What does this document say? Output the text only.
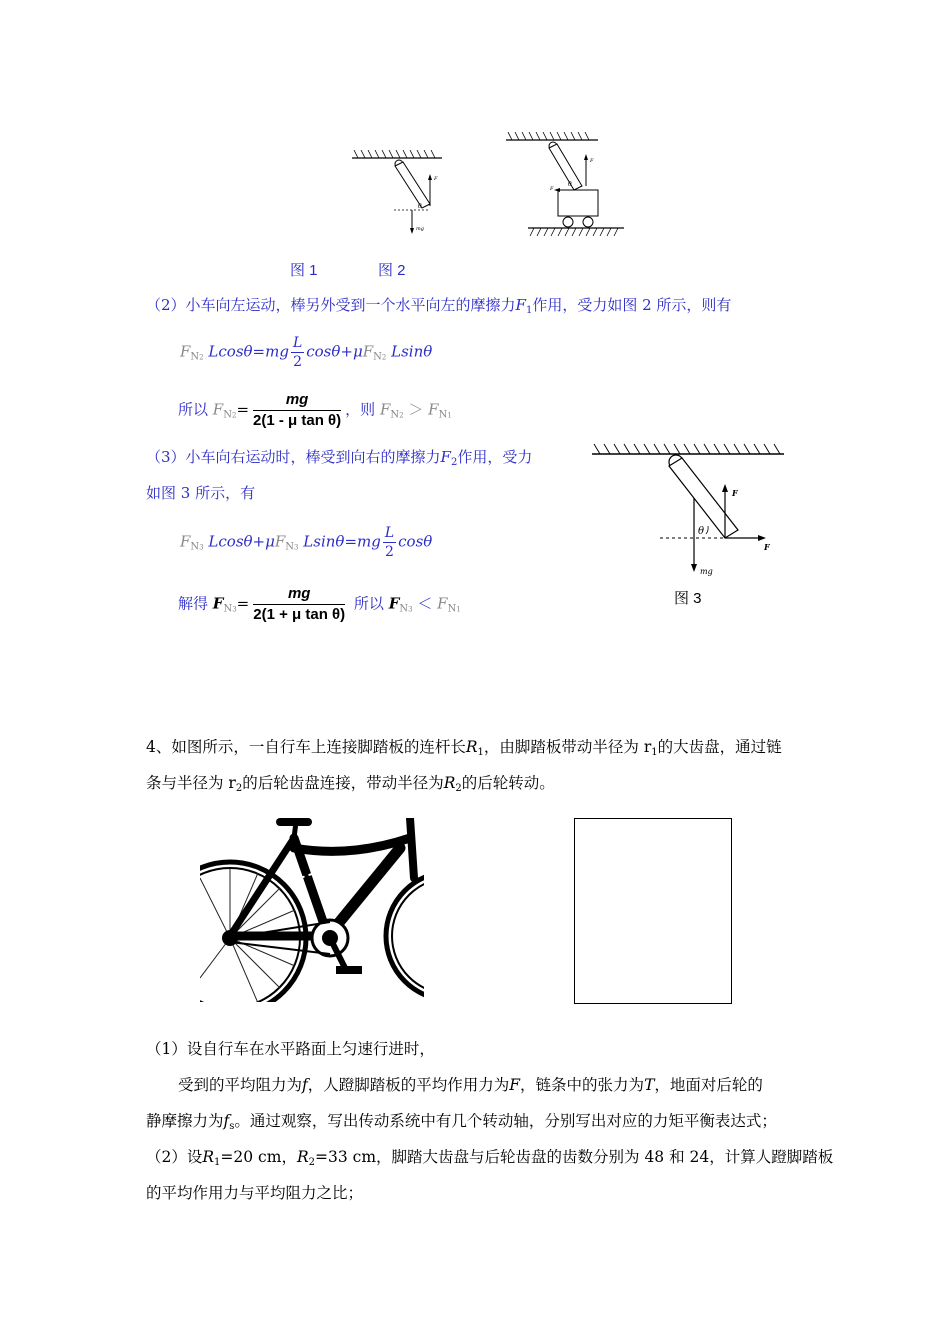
F
mg
θ
F
F
θ
图 1	图 2
（2）小车向左运动，棒另外受到一个水平向左的摩擦力$F_1$作用，受力如图 2 所示，则有
$F_{N2}$ $Lcos\theta=mg \frac{L}{2} \cos\theta+\mu F_{N2}$ Lsinθ
所以 $F_{N2}= \frac{mg}{\text{2(1 - μ tan θ)}}$ ，则 $F_{N2} > F_{N1}$
（3）小车向右运动时，棒受到向右的摩擦力$F_2$作用，受力
如图 3 所示，有
$F_{N3}$ $Lcos\theta+\mu F_{N3}$ $Lsin\theta=mg \frac{L}{2}$ cosθ
解得 $F_{N3}= \frac{mg}{\text{2(1 + μ tan θ)}}$ 所以 $F_{N3} < F_{N1}$
F
F
mg
θ
图 3
4、如图所示，一自行车上连接脚踏板的连杆长$R_1$，由脚踏板带动半径为 $r_1$的大齿盘，通过链
条与半径为 $r_2$的后轮齿盘连接，带动半径为$R_2$的后轮转动。
（1）设自行车在水平路面上匀速行进时，
受到的平均阻力为f，人蹬脚踏板的平均作用力为F，链条中的张力为T，地面对后轮的
静摩擦力为$f_s$。通过观察，写出传动系统中有几个转动轴，分别写出对应的力矩平衡表达式；
（2）设$R_1=20$ cm，$R_2=33$ cm，脚踏大齿盘与后轮齿盘的齿数分别为 48 和 24，计算人蹬脚踏板
的平均作用力与平均阻力之比；
